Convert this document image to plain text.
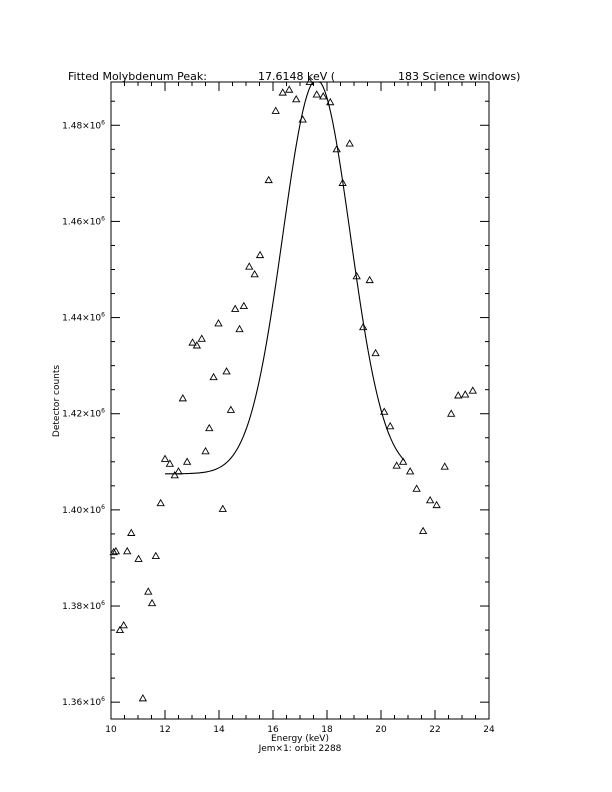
Fitted Molybdenum Peak:	17.6148 keV (	183 Science windows)
10	12	14	16	18	20	22	24
$1.36\times 10^6$
$1.38\times 10^6$
$1.40\times 10^6$
$1.42\times 10^6$
$1.44\times 10^6$
$1.46\times 10^6$
$1.48\times 10^6$
Energy (keV)
Jem×1: orbit 2288
Detector counts
